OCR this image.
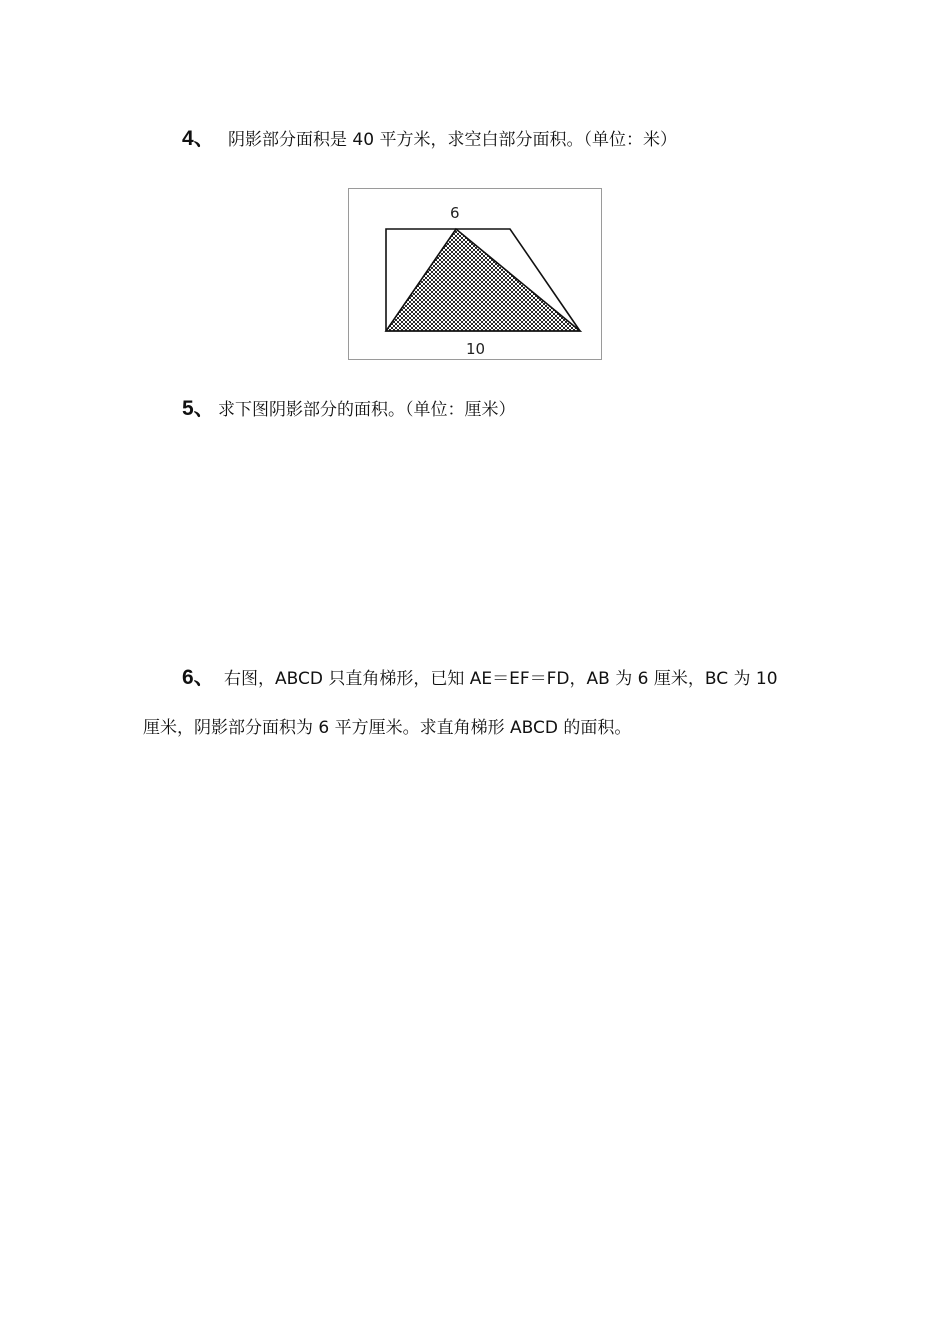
4、 阴影部分面积是 40 平方米，求空白部分面积。（单位：米）
6
10
5、 求下图阴影部分的面积。（单位：厘米）
6、 右图，ABCD 只直角梯形，已知 AE＝EF＝FD，AB 为 6 厘米，BC 为 10
厘米，阴影部分面积为 6 平方厘米。求直角梯形 ABCD 的面积。
